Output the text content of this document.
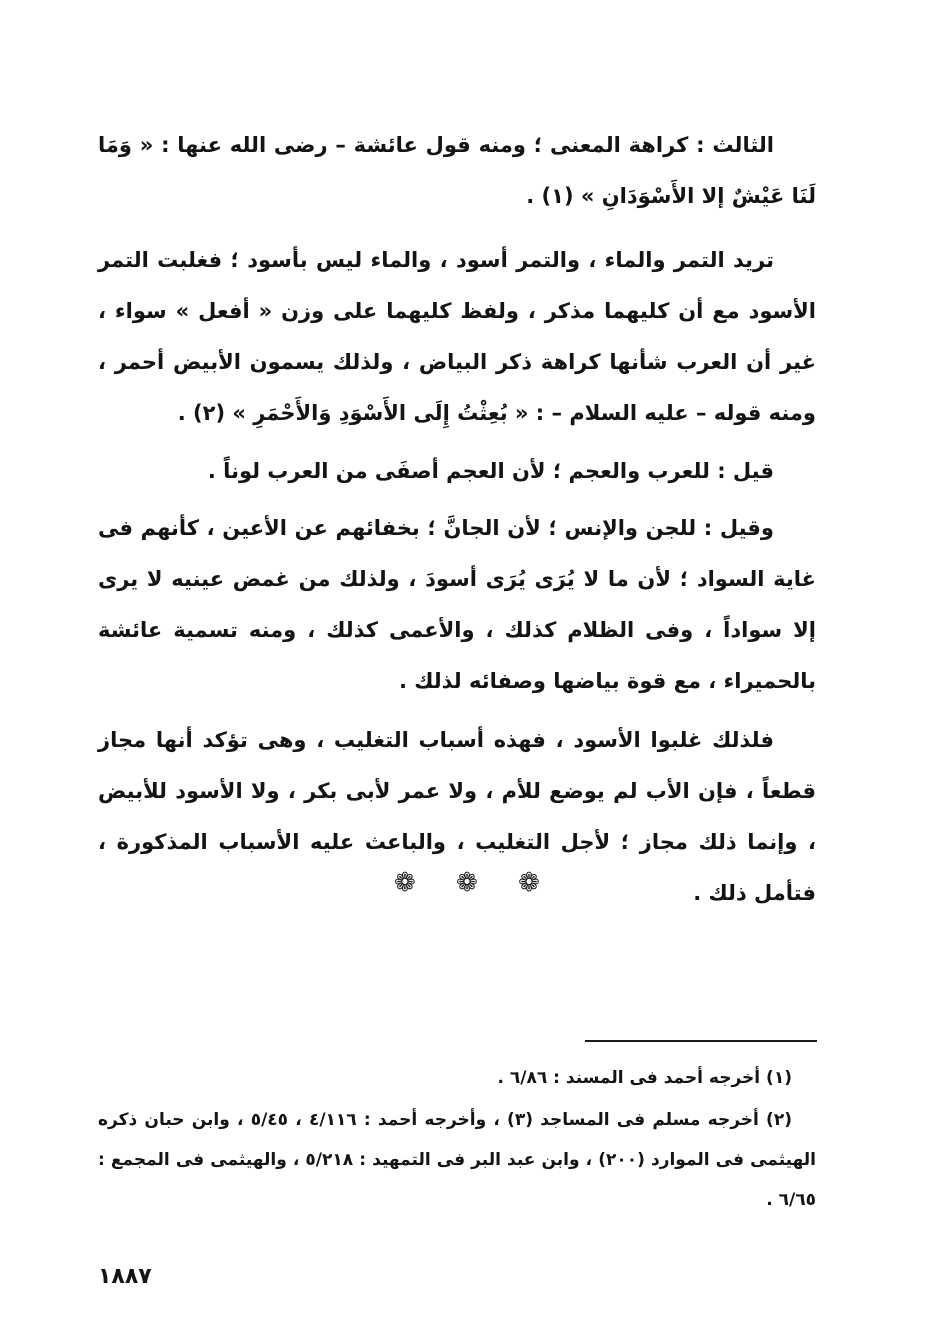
الثالث : كراهة المعنى ؛ ومنه قول عائشة – رضى الله عنها : « وَمَا لَنَا عَيْشٌ إلا الأَسْوَدَانِ » (١) .

تريد التمر والماء ، والتمر أسود ، والماء ليس بأسود ؛ فغلبت التمر الأسود مع أن كليهما مذكر ، ولفظ كليهما على وزن « أفعل » سواء ، غير أن العرب شأنها كراهة ذكر البياض ، ولذلك يسمون الأبيض أحمر ، ومنه قوله – عليه السلام – : « بُعِثْتُ إِلَى الأَسْوَدِ وَالأَحْمَرِ » (٢) .

قيل : للعرب والعجم ؛ لأن العجم أصفَى من العرب لوناً .

وقيل : للجن والإنس ؛ لأن الجانَّ ؛ بخفائهم عن الأعين ، كأنهم فى غاية السواد ؛ لأن ما لا يُرَى يُرَى أسودَ ، ولذلك من غمض عينيه لا يرى إلا سواداً ، وفى الظلام كذلك ، والأعمى كذلك ، ومنه تسمية عائشة بالحميراء ، مع قوة بياضها وصفائه لذلك .

فلذلك غلبوا الأسود ، فهذه أسباب التغليب ، وهى تؤكد أنها مجاز قطعاً ، فإن الأب لم يوضع للأم ، ولا عمر لأبى بكر ، ولا الأسود للأبيض ، وإنما ذلك مجاز ؛ لأجل التغليب ، والباعث عليه الأسباب المذكورة ، فتأمل ذلك .

❁ ❁ ❁

(١) أخرجه أحمد فى المسند : ٦/٨٦ .

(٢) أخرجه مسلم فى المساجد (٣) ، وأخرجه أحمد : ٤/١١٦ ، ٥/٤٥ ، وابن حبان ذكره الهيثمى فى الموارد (٢٠٠) ، وابن عبد البر فى التمهيد : ٥/٢١٨ ، والهيثمى فى المجمع : ٦/٦٥ .

١٨٨٧
